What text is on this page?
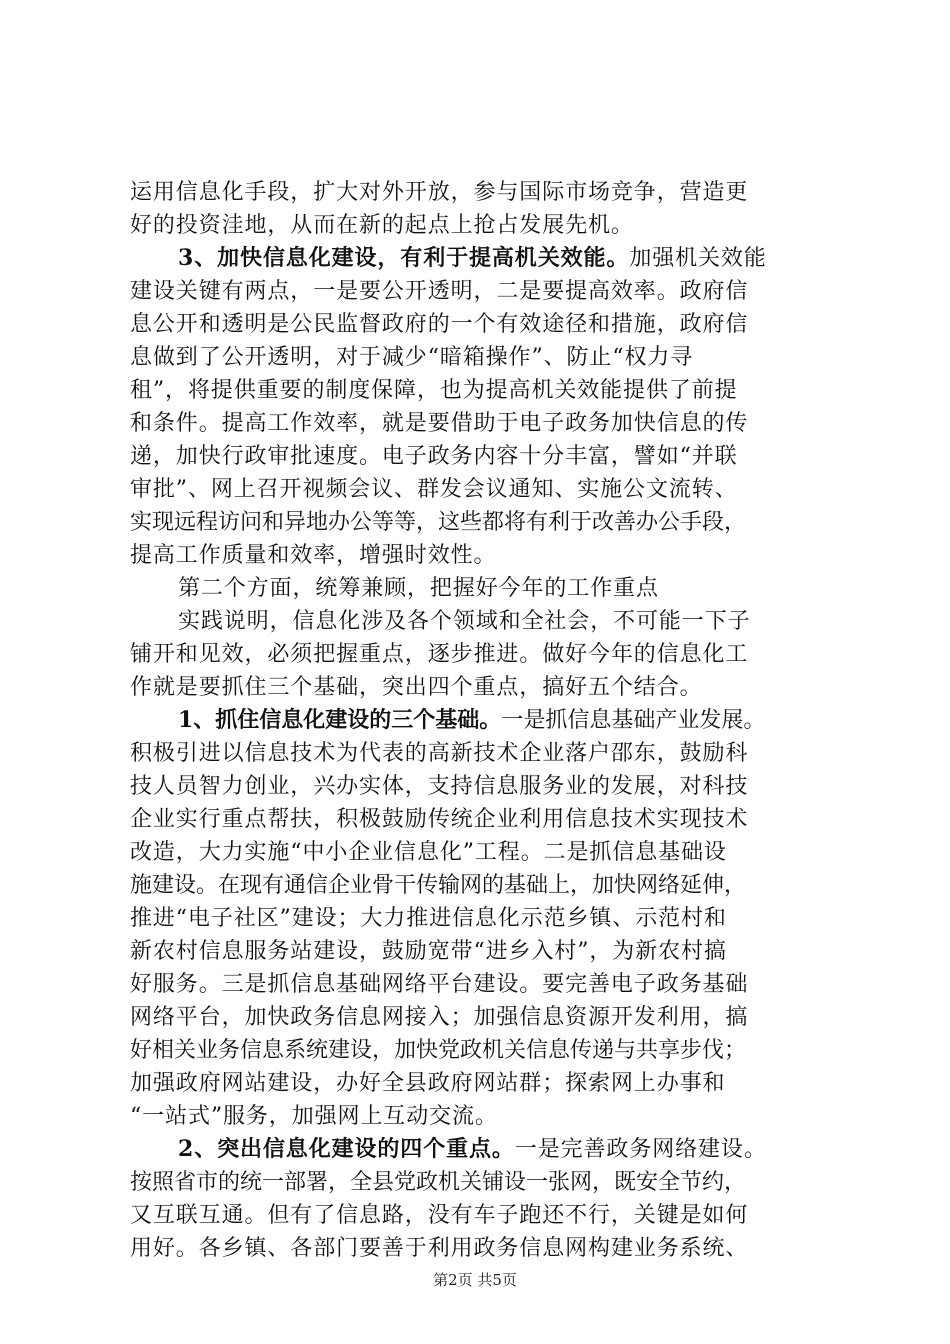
运用信息化手段，扩大对外开放，参与国际市场竞争，营造更
好的投资洼地，从而在新的起点上抢占发展先机。
3、加快信息化建设，有利于提高机关效能。加强机关效能
建设关键有两点，一是要公开透明，二是要提高效率。政府信
息公开和透明是公民监督政府的一个有效途径和措施，政府信
息做到了公开透明，对于减少“暗箱操作”、防止“权力寻
租”，将提供重要的制度保障，也为提高机关效能提供了前提
和条件。提高工作效率，就是要借助于电子政务加快信息的传
递，加快行政审批速度。电子政务内容十分丰富，譬如“并联
审批”、网上召开视频会议、群发会议通知、实施公文流转、
实现远程访问和异地办公等等，这些都将有利于改善办公手段，
提高工作质量和效率，增强时效性。
第二个方面，统筹兼顾，把握好今年的工作重点
实践说明，信息化涉及各个领域和全社会，不可能一下子
铺开和见效，必须把握重点，逐步推进。做好今年的信息化工
作就是要抓住三个基础，突出四个重点，搞好五个结合。
1、抓住信息化建设的三个基础。一是抓信息基础产业发展。
积极引进以信息技术为代表的高新技术企业落户邵东，鼓励科
技人员智力创业，兴办实体，支持信息服务业的发展，对科技
企业实行重点帮扶，积极鼓励传统企业利用信息技术实现技术
改造，大力实施“中小企业信息化”工程。二是抓信息基础设
施建设。在现有通信企业骨干传输网的基础上，加快网络延伸，
推进“电子社区”建设；大力推进信息化示范乡镇、示范村和
新农村信息服务站建设，鼓励宽带“进乡入村”，为新农村搞
好服务。三是抓信息基础网络平台建设。要完善电子政务基础
网络平台，加快政务信息网接入；加强信息资源开发利用，搞
好相关业务信息系统建设，加快党政机关信息传递与共享步伐；
加强政府网站建设，办好全县政府网站群；探索网上办事和
“一站式”服务，加强网上互动交流。
2、突出信息化建设的四个重点。一是完善政务网络建设。
按照省市的统一部署，全县党政机关铺设一张网，既安全节约，
又互联互通。但有了信息路，没有车子跑还不行，关键是如何
用好。各乡镇、各部门要善于利用政务信息网构建业务系统、
第2页 共5页
